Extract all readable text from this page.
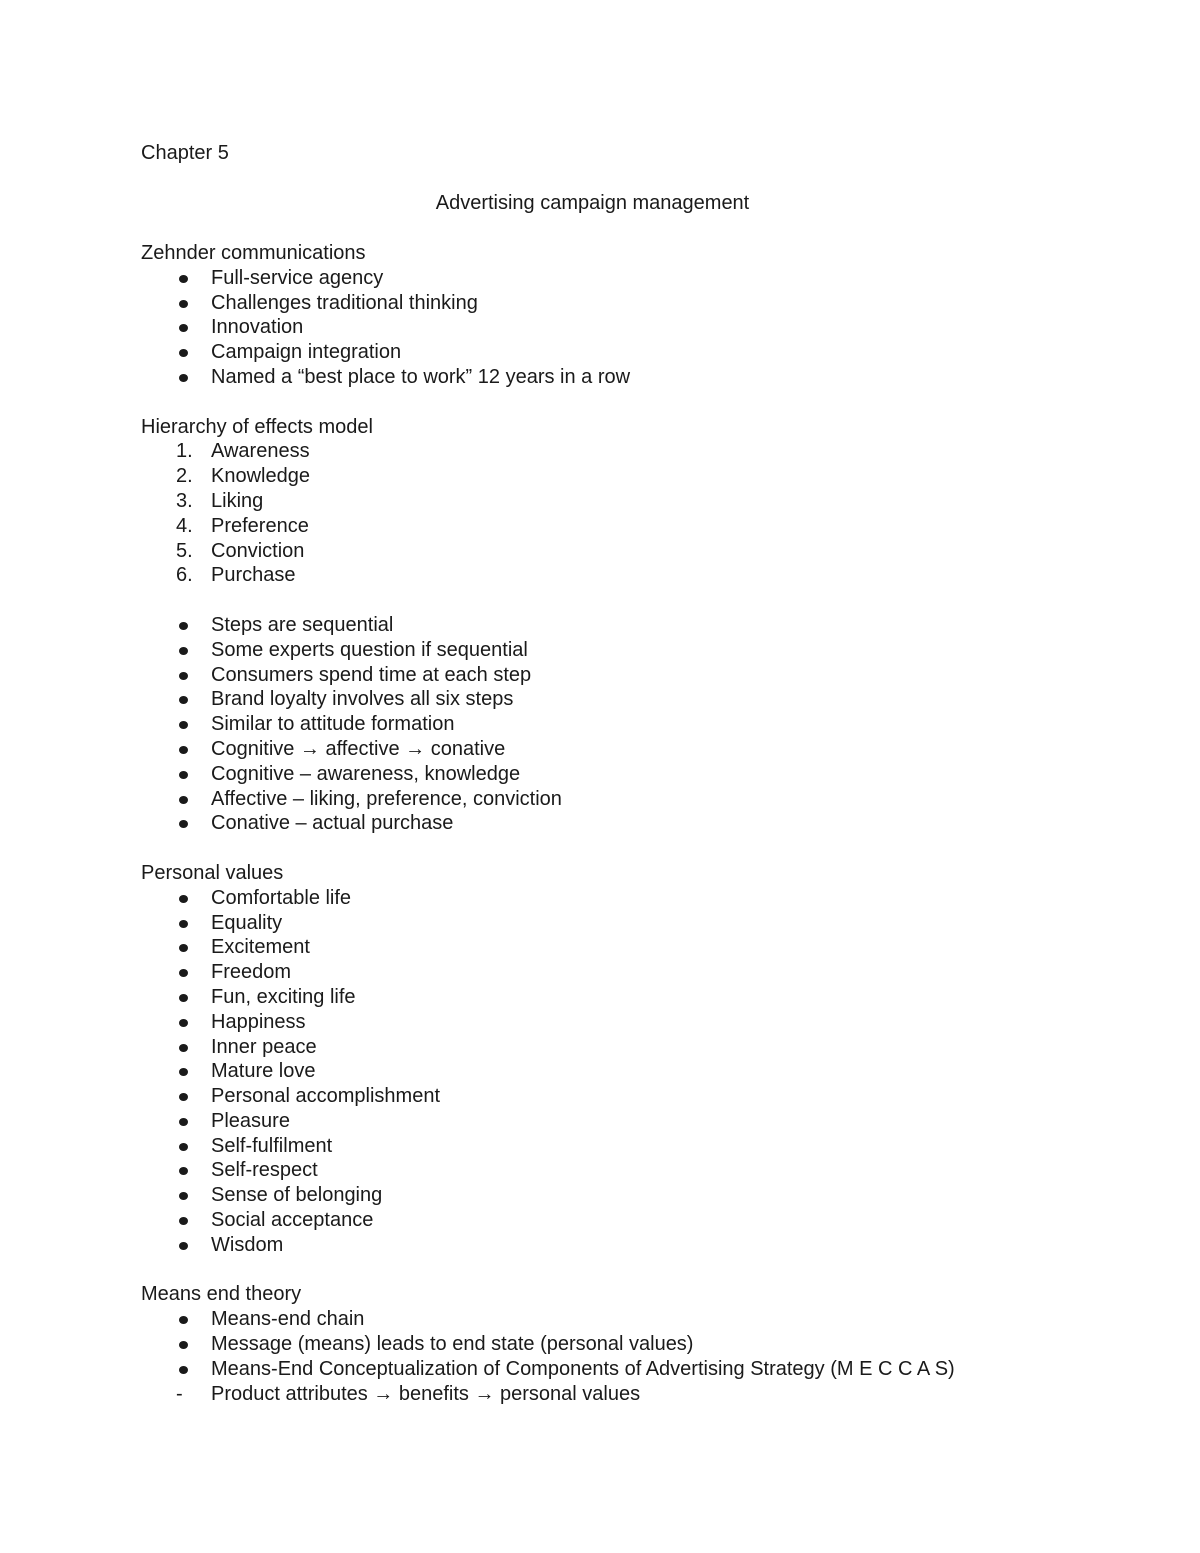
Chapter 5
Advertising campaign management
Zehnder communications
Full-service agency
Challenges traditional thinking
Innovation
Campaign integration
Named a “best place to work” 12 years in a row
Hierarchy of effects model
1. Awareness
2. Knowledge
3. Liking
4. Preference
5. Conviction
6. Purchase
Steps are sequential
Some experts question if sequential
Consumers spend time at each step
Brand loyalty involves all six steps
Similar to attitude formation
Cognitive → affective → conative
Cognitive – awareness, knowledge
Affective – liking, preference, conviction
Conative – actual purchase
Personal values
Comfortable life
Equality
Excitement
Freedom
Fun, exciting life
Happiness
Inner peace
Mature love
Personal accomplishment
Pleasure
Self-fulfilment
Self-respect
Sense of belonging
Social acceptance
Wisdom
Means end theory
Means-end chain
Message (means) leads to end state (personal values)
Means-End Conceptualization of Components of Advertising Strategy (M E C C A S)
- Product attributes → benefits → personal values
